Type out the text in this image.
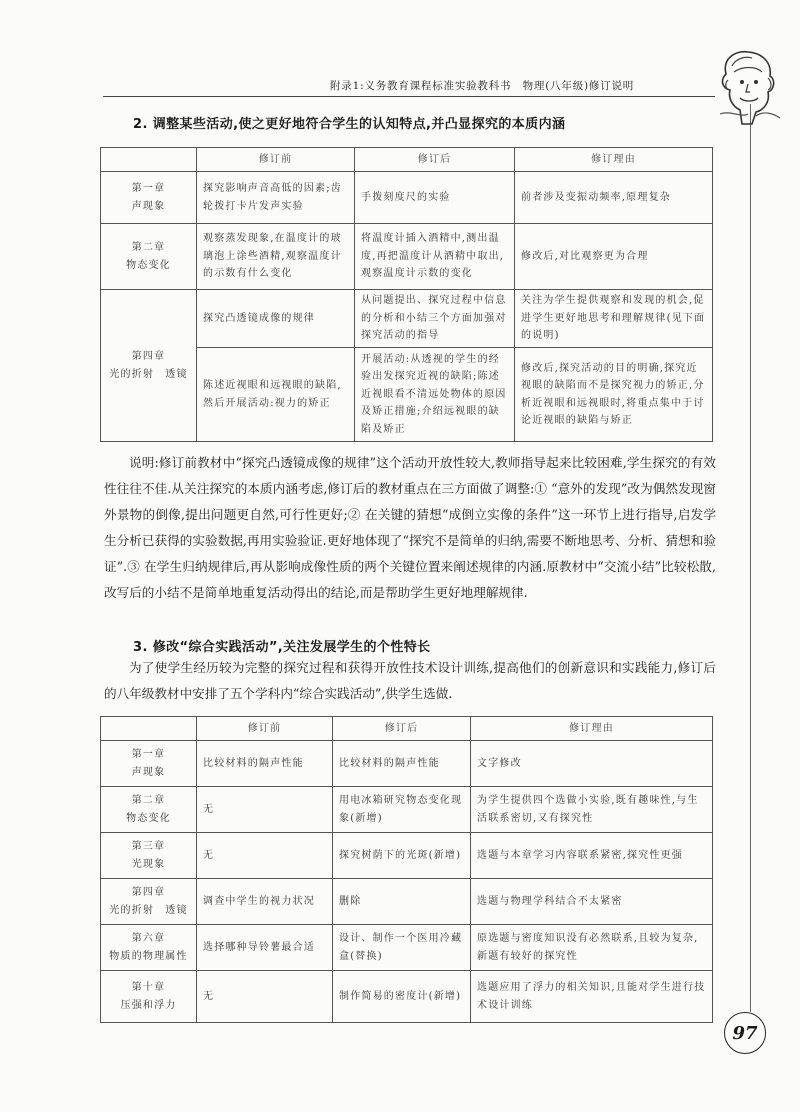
附录1:义务教育课程标准实验教科书　物理(八年级)修订说明
2. 调整某些活动,使之更好地符合学生的认知特点,并凸显探究的本质内涵
	修订前	修订后	修订理由
第一章
声现象	探究影响声音高低的因素;齿轮拨打卡片发声实验	手拨刻度尺的实验	前者涉及变振动频率,原理复杂
第二章
物态变化	观察蒸发现象,在温度计的玻璃泡上涂些酒精,观察温度计的示数有什么变化	将温度计插入酒精中,测出温度,再把温度计从酒精中取出,观察温度计示数的变化	修改后,对比观察更为合理
第四章
光的折射　透镜	探究凸透镜成像的规律	从问题提出、探究过程中信息的分析和小结三个方面加强对探究活动的指导	关注为学生提供观察和发现的机会,促进学生更好地思考和理解规律(见下面的说明)
	陈述近视眼和远视眼的缺陷,然后开展活动:视力的矫正	开展活动:从透视的学生的经验出发探究近视的缺陷;陈述近视眼看不清远处物体的原因及矫正措施;介绍远视眼的缺陷及矫正	修改后,探究活动的目的明确,探究近视眼的缺陷而不是探究视力的矫正,分析近视眼和远视眼时,将重点集中于讨论近视眼的缺陷与矫正

说明:修订前教材中“探究凸透镜成像的规律”这个活动开放性较大,教师指导起来比较困难,学生探究的有效性往往不佳.从关注探究的本质内涵考虑,修订后的教材重点在三方面做了调整:① “意外的发现”改为偶然发现窗外景物的倒像,提出问题更自然,可行性更好;② 在关键的猜想“成倒立实像的条件”这一环节上进行指导,启发学生分析已获得的实验数据,再用实验验证.更好地体现了“探究不是简单的归纳,需要不断地思考、分析、猜想和验证”.③ 在学生归纳规律后,再从影响成像性质的两个关键位置来阐述规律的内涵.原教材中“交流小结”比较松散,改写后的小结不是简单地重复活动得出的结论,而是帮助学生更好地理解规律.

3. 修改“综合实践活动”,关注发展学生的个性特长

为了使学生经历较为完整的探究过程和获得开放性技术设计训练,提高他们的创新意识和实践能力,修订后的八年级教材中安排了五个学科内“综合实践活动”,供学生选做.

	修订前	修订后	修订理由
第一章
声现象	比较材料的隔声性能	比较材料的隔声性能	文字修改
第二章
物态变化	无	用电冰箱研究物态变化现象(新增)	为学生提供四个选做小实验,既有趣味性,与生活联系密切,又有探究性
第三章
光现象	无	探究树荫下的光斑(新增)	选题与本章学习内容联系紧密,探究性更强
第四章
光的折射　透镜	调查中学生的视力状况	删除	选题与物理学科结合不太紧密
第六章
物质的物理属性	选择哪种导铃薯最合适	设计、制作一个医用冷藏盒(替换)	原选题与密度知识没有必然联系,且较为复杂,新题有较好的探究性
第十章
压强和浮力	无	制作简易的密度计(新增)	选题应用了浮力的相关知识,且能对学生进行技术设计训练
97
